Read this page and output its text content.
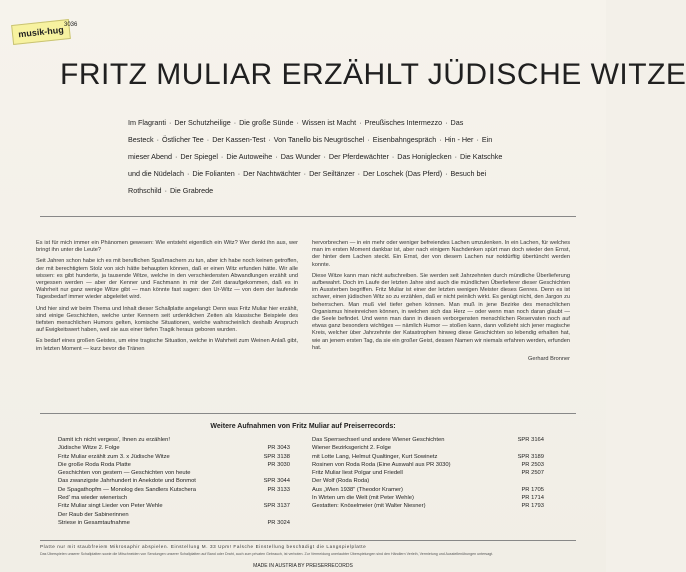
musik-hug 3036
FRITZ MULIAR ERZÄHLT JÜDISCHE WITZE
Im Flagranti · Der Schutzheilige · Die große Sünde · Wissen ist Macht · Preußisches Intermezzo · Das Besteck · Östlicher Tee · Der Kassen-Test · Von Tanello bis Neugröschel · Eisenbahngespräch · Hin - Her · Ein mieser Abend · Der Spiegel · Die Autoweihe · Das Wunder · Der Pferdewächter · Das Honiglecken · Die Katschke und die Nüdelach · Die Folianten · Der Nachtwächter · Der Seiltänzer · Der Loschek (Das Pferd) · Besuch bei Rothschild · Die Grabrede

Es ist für mich immer ein Phänomen gewesen: Wie entsteht eigentlich ein Witz? Wer denkt ihn aus, wer bringt ihn unter die Leute?

Seit Jahren schon habe ich es mit beruflichen Spaßmachern zu tun, aber ich habe noch keinen getroffen, der mit berechtigtem Stolz von sich hätte behaupten können, daß er einen Witz erfunden hätte. Wir alle wissen: es gibt hunderte, ja tausende Witze, welche in den verschiedensten Abwandlungen erzählt und vergessen werden — aber der Kenner und Fachmann in mir der Zeit daraufgekommen, daß es in Wahrheit nur ganz wenige Witze gibt — man könnte fast sagen: den Ur-Witz — von dem der laufende Tagesbedarf immer wieder abgeleitet wird.

Und hier sind wir beim Thema und Inhalt dieser Schallplatte angelangt: Denn was Fritz Muliar hier erzählt, sind einige Geschichten, welche unter Kennern seit urdenklichen Zeiten als klassische Beispiele des tiefsten menschlichen Humors gelten, komische Situationen, welche wahrscheinlich deshalb Anspruch auf Ewigkeitswert haben, weil sie aus einer tiefen Tragik heraus geboren wurden.

Es bedarf eines großen Geistes, um eine tragische Situation, welche in Wahrheit zum Weinen Anlaß gibt, im letzten Moment — kurz bevor die Tränen

hervorbrechen — in ein mehr oder weniger befreiendes Lachen umzulenken. In ein Lachen, für welches man im ersten Moment dankbar ist, aber nach einigem Nachdenken spürt man doch wieder den Ernst, der hinter dem Lachen steckt. Ein Ernst, der von diesem Lachen nur notdürftig übertüncht werden konnte.

Diese Witze kann man nicht aufschreiben. Sie werden seit Jahrzehnten durch mündliche Überlieferung aufbewahrt. Doch im Laufe der letzten Jahre sind auch die mündlichen Überlieferer dieser Geschichten im Aussterben begriffen. Fritz Muliar ist einer der letzten wenigen Meister dieses Genres. Denn es ist schwer, einen jüdischen Witz so zu erzählen, daß er nicht peinlich wirkt. Es genügt nicht, den Jargon zu beherrschen. Man muß viel tiefer gehen können. Man muß in jene Bezirke des menschlichen Organismus hineinreichen können, in welchen sich das Herz — oder wenn man noch daran glaubt — die Seele befindet. Und wenn man dann in diesen verborgensten menschlichen Reservaten noch auf etwas ganz besonders wichtiges — nämlich Humor — stoßen kann, dann vollzieht sich jener magische Kreis, welcher über Jahrzehnte der Katastrophen hinweg diese Geschichten so lebendig erhalten hat, wie an jenem ersten Tag, da sie ein großer Geist, dessen Namen wir niemals erfahren werden, erfunden hat.

Gerhard Bronner

Weitere Aufnahmen von Fritz Muliar auf Preiserrecords:
Damit ich nicht vergess', Ihnen zu erzählen!
Jüdische Witze 2. Folge	PR 3043
Fritz Muliar erzählt zum 3. x Jüdische Witze	SPR 3138
Die große Roda Roda Platte	PR 3030
Geschichten von gestern — Geschichten von heute
Das zwanzigste Jahrhundert in Anekdote und Bonmot	SPR 3044
De Spagathopfm — Monolog des Sandlers Kutschera	PR 3133
Red' ma wieder wienerisch
Fritz Muliar singt Lieder von Peter Wehle	SPR 3137
Der Raub der Sabinerinnen
Striese in Gesamtaufnahme	PR 3024
Das Sperrsechserl und andere Wiener Geschichten	SPR 3164
Wiener Bezirksgericht 2. Folge
mit Lotte Lang, Helmut Qualtinger, Kurt Sowinetz	SPR 3189
Rosinen von Roda Roda (Eine Auswahl aus PR 3030)	PR 2503
Fritz Muliar liest Polgar und Friedell	PR 2507
Der Wolf (Roda Roda)
Aus „Wien 1938" (Theodor Kramer)	PR 1705
In Wirten um die Welt (mit Peter Wehle)	PR 1714
Gestatten: Knöselmeier (mit Walter Niesner)	PR 1793
Platte nur mit staubfreiem Mikrosaphir abspielen. Einstellung M. 33 Upm! Falsche Einstellung beschädigt die Langspielplatte
Das Überspielen unserer Schallplatten sowie die Mitschneiden von Sendungen unserer Schallplatten auf Band oder Draht, auch zum privaten Gebrauch, ist verboten. Zur Vermeidung unerlaubter Überspielungen sind den Händlern Verleih, Vermietung und Ausstellenübungen untersagt.
MADE IN AUSTRIA BY PREISERRECORDS
